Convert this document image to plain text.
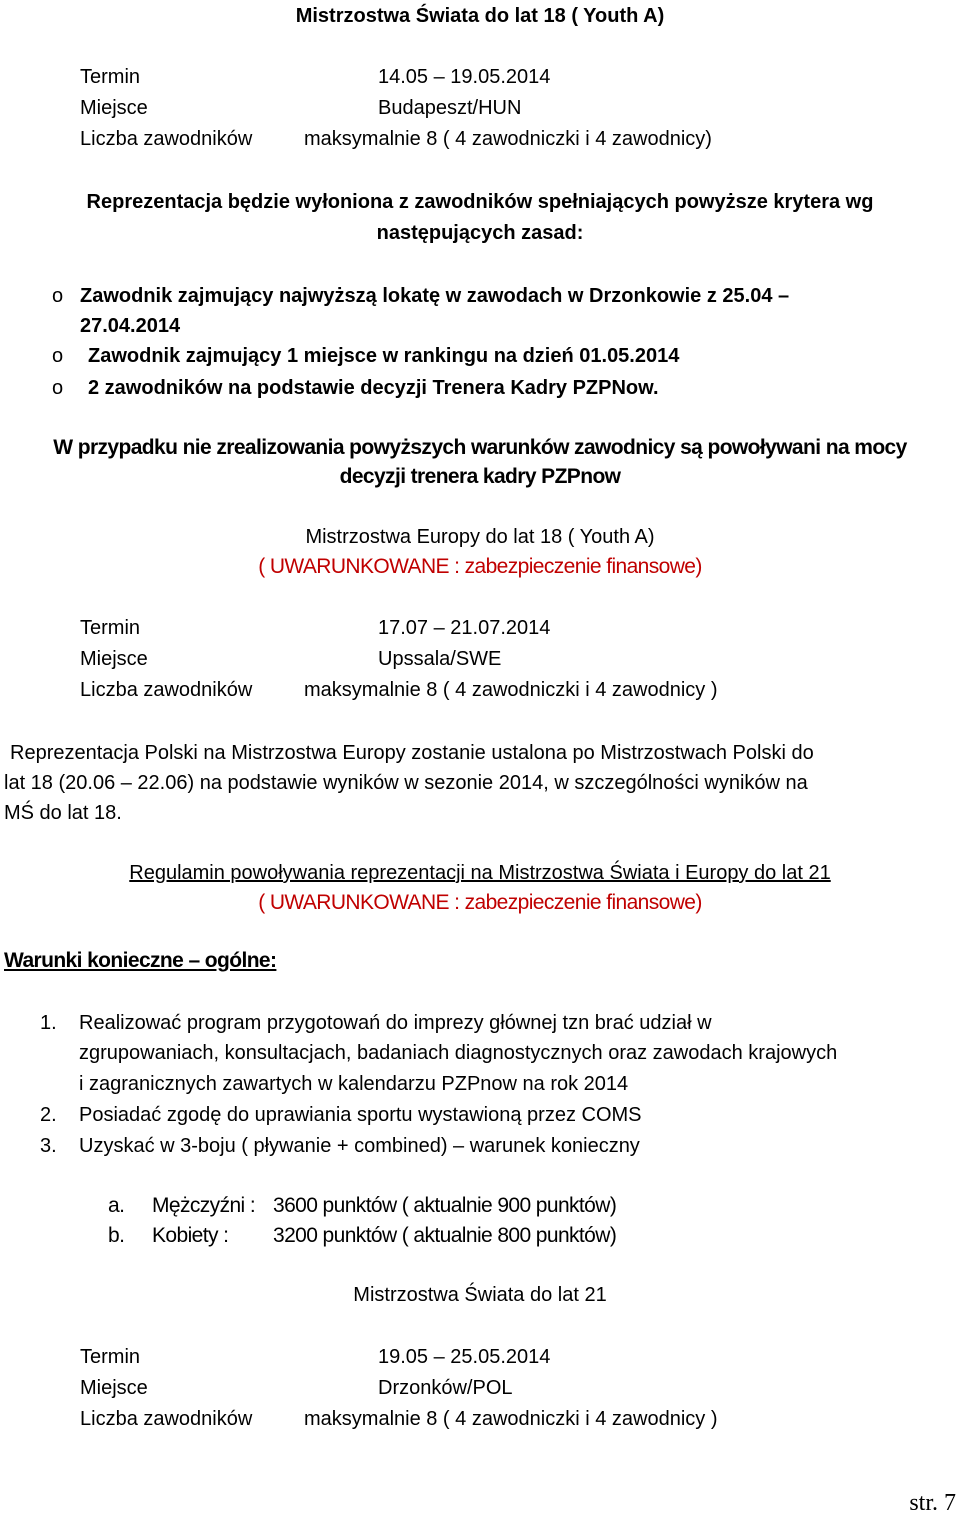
Mistrzostwa Świata do lat 18 ( Youth A)
Termin	14.05 – 19.05.2014
Miejsce	Budapeszt/HUN
Liczba zawodników	maksymalnie 8 ( 4 zawodniczki i 4 zawodnicy)
Reprezentacja będzie wyłoniona z zawodników spełniających powyższe krytera wg
następujących zasad:
o Zawodnik zajmujący najwyższą lokatę w zawodach w Drzonkowie z 25.04 –
27.04.2014
o Zawodnik zajmujący 1 miejsce w rankingu na dzień 01.05.2014
o 2 zawodników na podstawie decyzji Trenera Kadry PZPNow.
W przypadku nie zrealizowania powyższych warunków zawodnicy są powoływani na mocy
decyzji trenera kadry PZPnow
Mistrzostwa Europy do lat 18 ( Youth A)
( UWARUNKOWANE : zabezpieczenie finansowe)
Termin	17.07 – 21.07.2014
Miejsce	Upssala/SWE
Liczba zawodników	maksymalnie 8 ( 4 zawodniczki i 4 zawodnicy )
Reprezentacja Polski na Mistrzostwa Europy zostanie ustalona po Mistrzostwach Polski do
lat 18 (20.06 – 22.06) na podstawie wyników w sezonie 2014, w szczególności wyników na
MŚ do lat 18.
Regulamin powoływania reprezentacji na Mistrzostwa Świata i Europy do lat 21
( UWARUNKOWANE : zabezpieczenie finansowe)
Warunki konieczne – ogólne:
1. Realizować program przygotowań do imprezy głównej tzn brać udział w
zgrupowaniach, konsultacjach, badaniach diagnostycznych oraz zawodach krajowych
i zagranicznych zawartych w kalendarzu PZPnow na rok 2014
2. Posiadać zgodę do uprawiania sportu wystawioną przez COMS
3. Uzyskać w 3-boju ( pływanie + combined) – warunek konieczny
a. Mężczyźni : 3600 punktów ( aktualnie 900 punktów)
b. Kobiety : 3200 punktów ( aktualnie 800 punktów)
Mistrzostwa Świata do lat 21
Termin	19.05 – 25.05.2014
Miejsce	Drzonków/POL
Liczba zawodników	maksymalnie 8 ( 4 zawodniczki i 4 zawodnicy )
str. 7
